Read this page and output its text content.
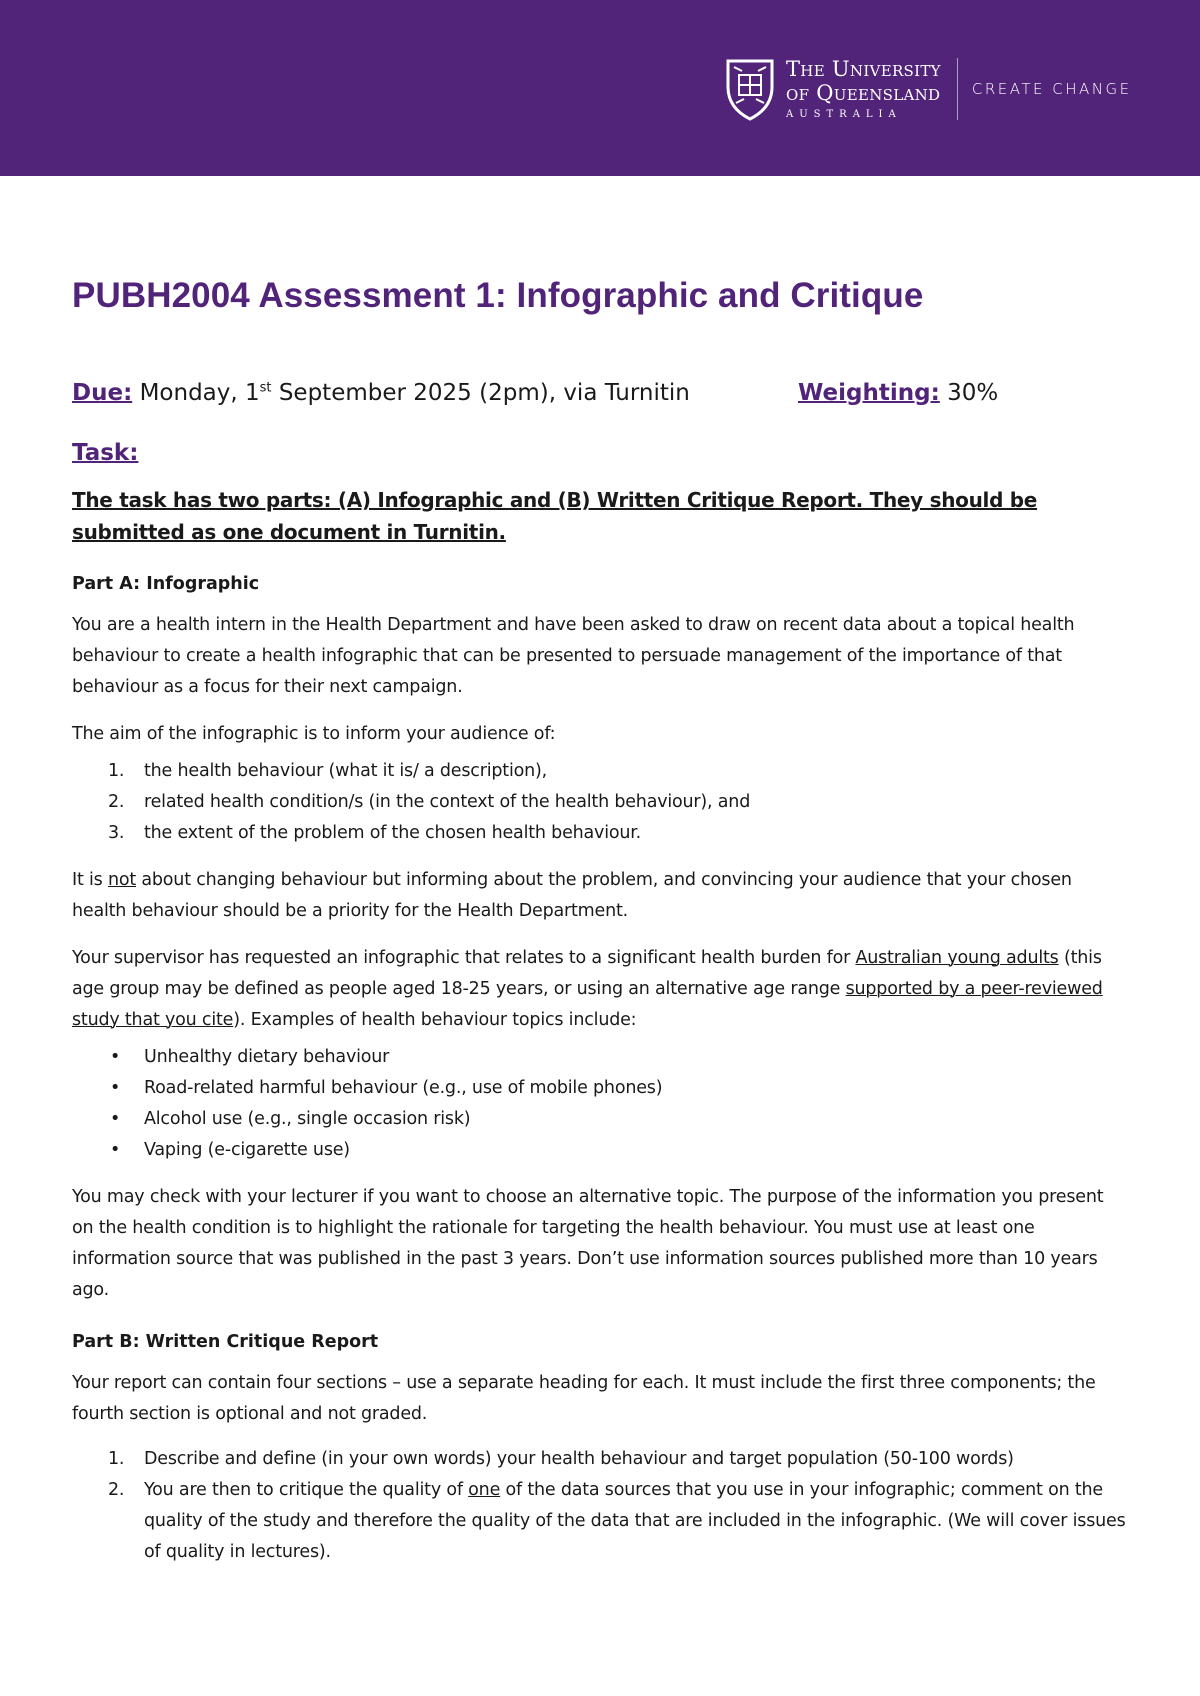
The University
of Queensland
AUSTRALIA
CREATE CHANGE
PUBH2004 Assessment 1: Infographic and Critique
Due: Monday, 1st September 2025 (2pm), via Turnitin	Weighting: 30%
Task:
The task has two parts: (A) Infographic and (B) Written Critique Report. They should be submitted as one document in Turnitin.
Part A: Infographic

You are a health intern in the Health Department and have been asked to draw on recent data about a topical health behaviour to create a health infographic that can be presented to persuade management of the importance of that behaviour as a focus for their next campaign.

The aim of the infographic is to inform your audience of:

1. the health behaviour (what it is/ a description),
2. related health condition/s (in the context of the health behaviour), and
3. the extent of the problem of the chosen health behaviour.

It is not about changing behaviour but informing about the problem, and convincing your audience that your chosen health behaviour should be a priority for the Health Department.

Your supervisor has requested an infographic that relates to a significant health burden for Australian young adults (this age group may be defined as people aged 18-25 years, or using an alternative age range supported by a peer-reviewed study that you cite). Examples of health behaviour topics include:

• Unhealthy dietary behaviour
• Road-related harmful behaviour (e.g., use of mobile phones)
• Alcohol use (e.g., single occasion risk)
• Vaping (e-cigarette use)

You may check with your lecturer if you want to choose an alternative topic. The purpose of the information you present on the health condition is to highlight the rationale for targeting the health behaviour. You must use at least one information source that was published in the past 3 years. Don’t use information sources published more than 10 years ago.

Part B: Written Critique Report

Your report can contain four sections – use a separate heading for each. It must include the first three components; the fourth section is optional and not graded.

1. Describe and define (in your own words) your health behaviour and target population (50-100 words)
2. You are then to critique the quality of one of the data sources that you use in your infographic; comment on the quality of the study and therefore the quality of the data that are included in the infographic. (We will cover issues of quality in lectures).
